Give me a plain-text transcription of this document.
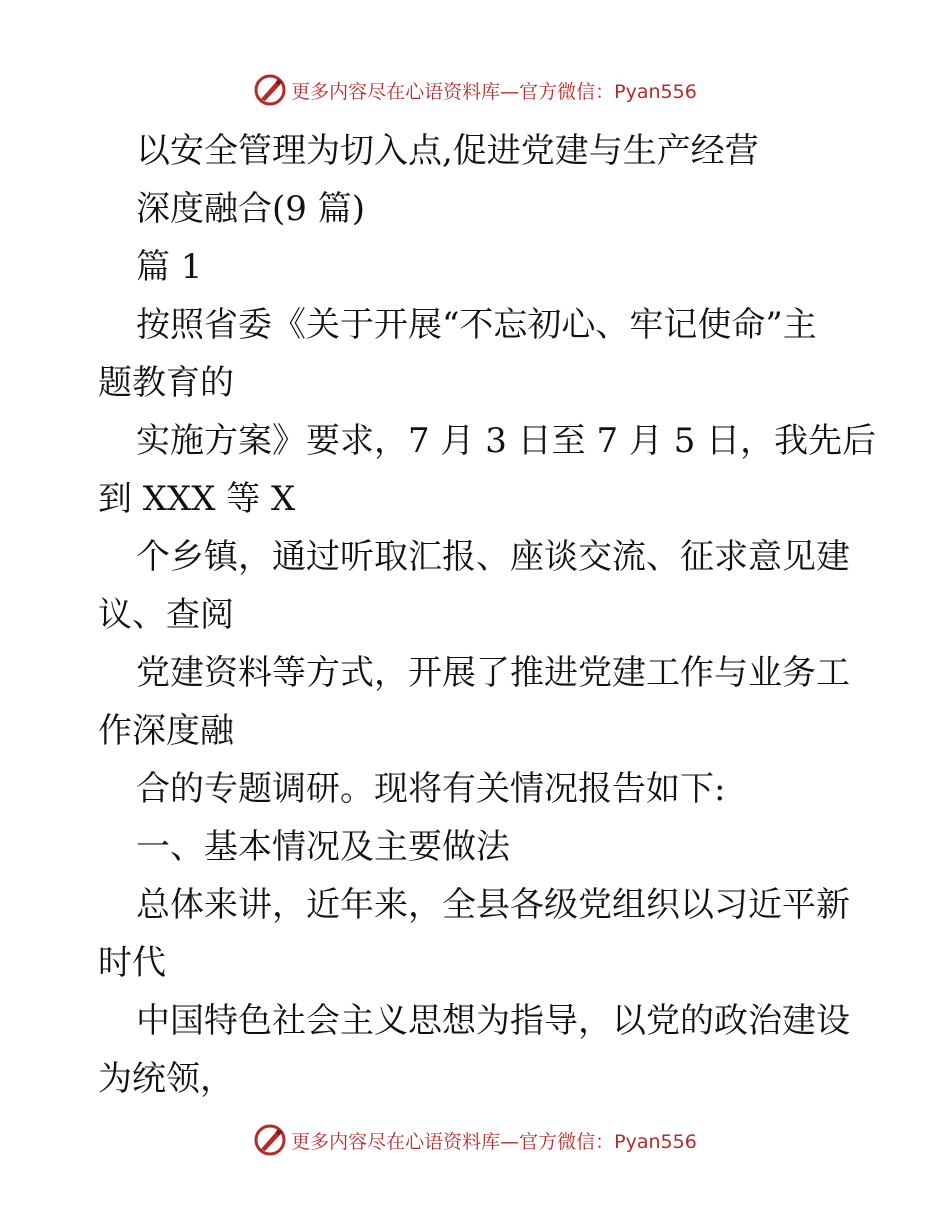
更多内容尽在心语资料库—官方微信：Pyan556
以安全管理为切入点,促进党建与生产经营
深度融合(9 篇)
篇 1
按照省委《关于开展“不忘初心、牢记使命”主
题教育的
实施方案》要求，7 月 3 日至 7 月 5 日，我先后
到 XXX 等 X
个乡镇，通过听取汇报、座谈交流、征求意见建
议、查阅
党建资料等方式，开展了推进党建工作与业务工
作深度融
合的专题调研。现将有关情况报告如下:
一、基本情况及主要做法
总体来讲，近年来，全县各级党组织以习近平新
时代
中国特色社会主义思想为指导，以党的政治建设
为统领，
更多内容尽在心语资料库—官方微信：Pyan556
